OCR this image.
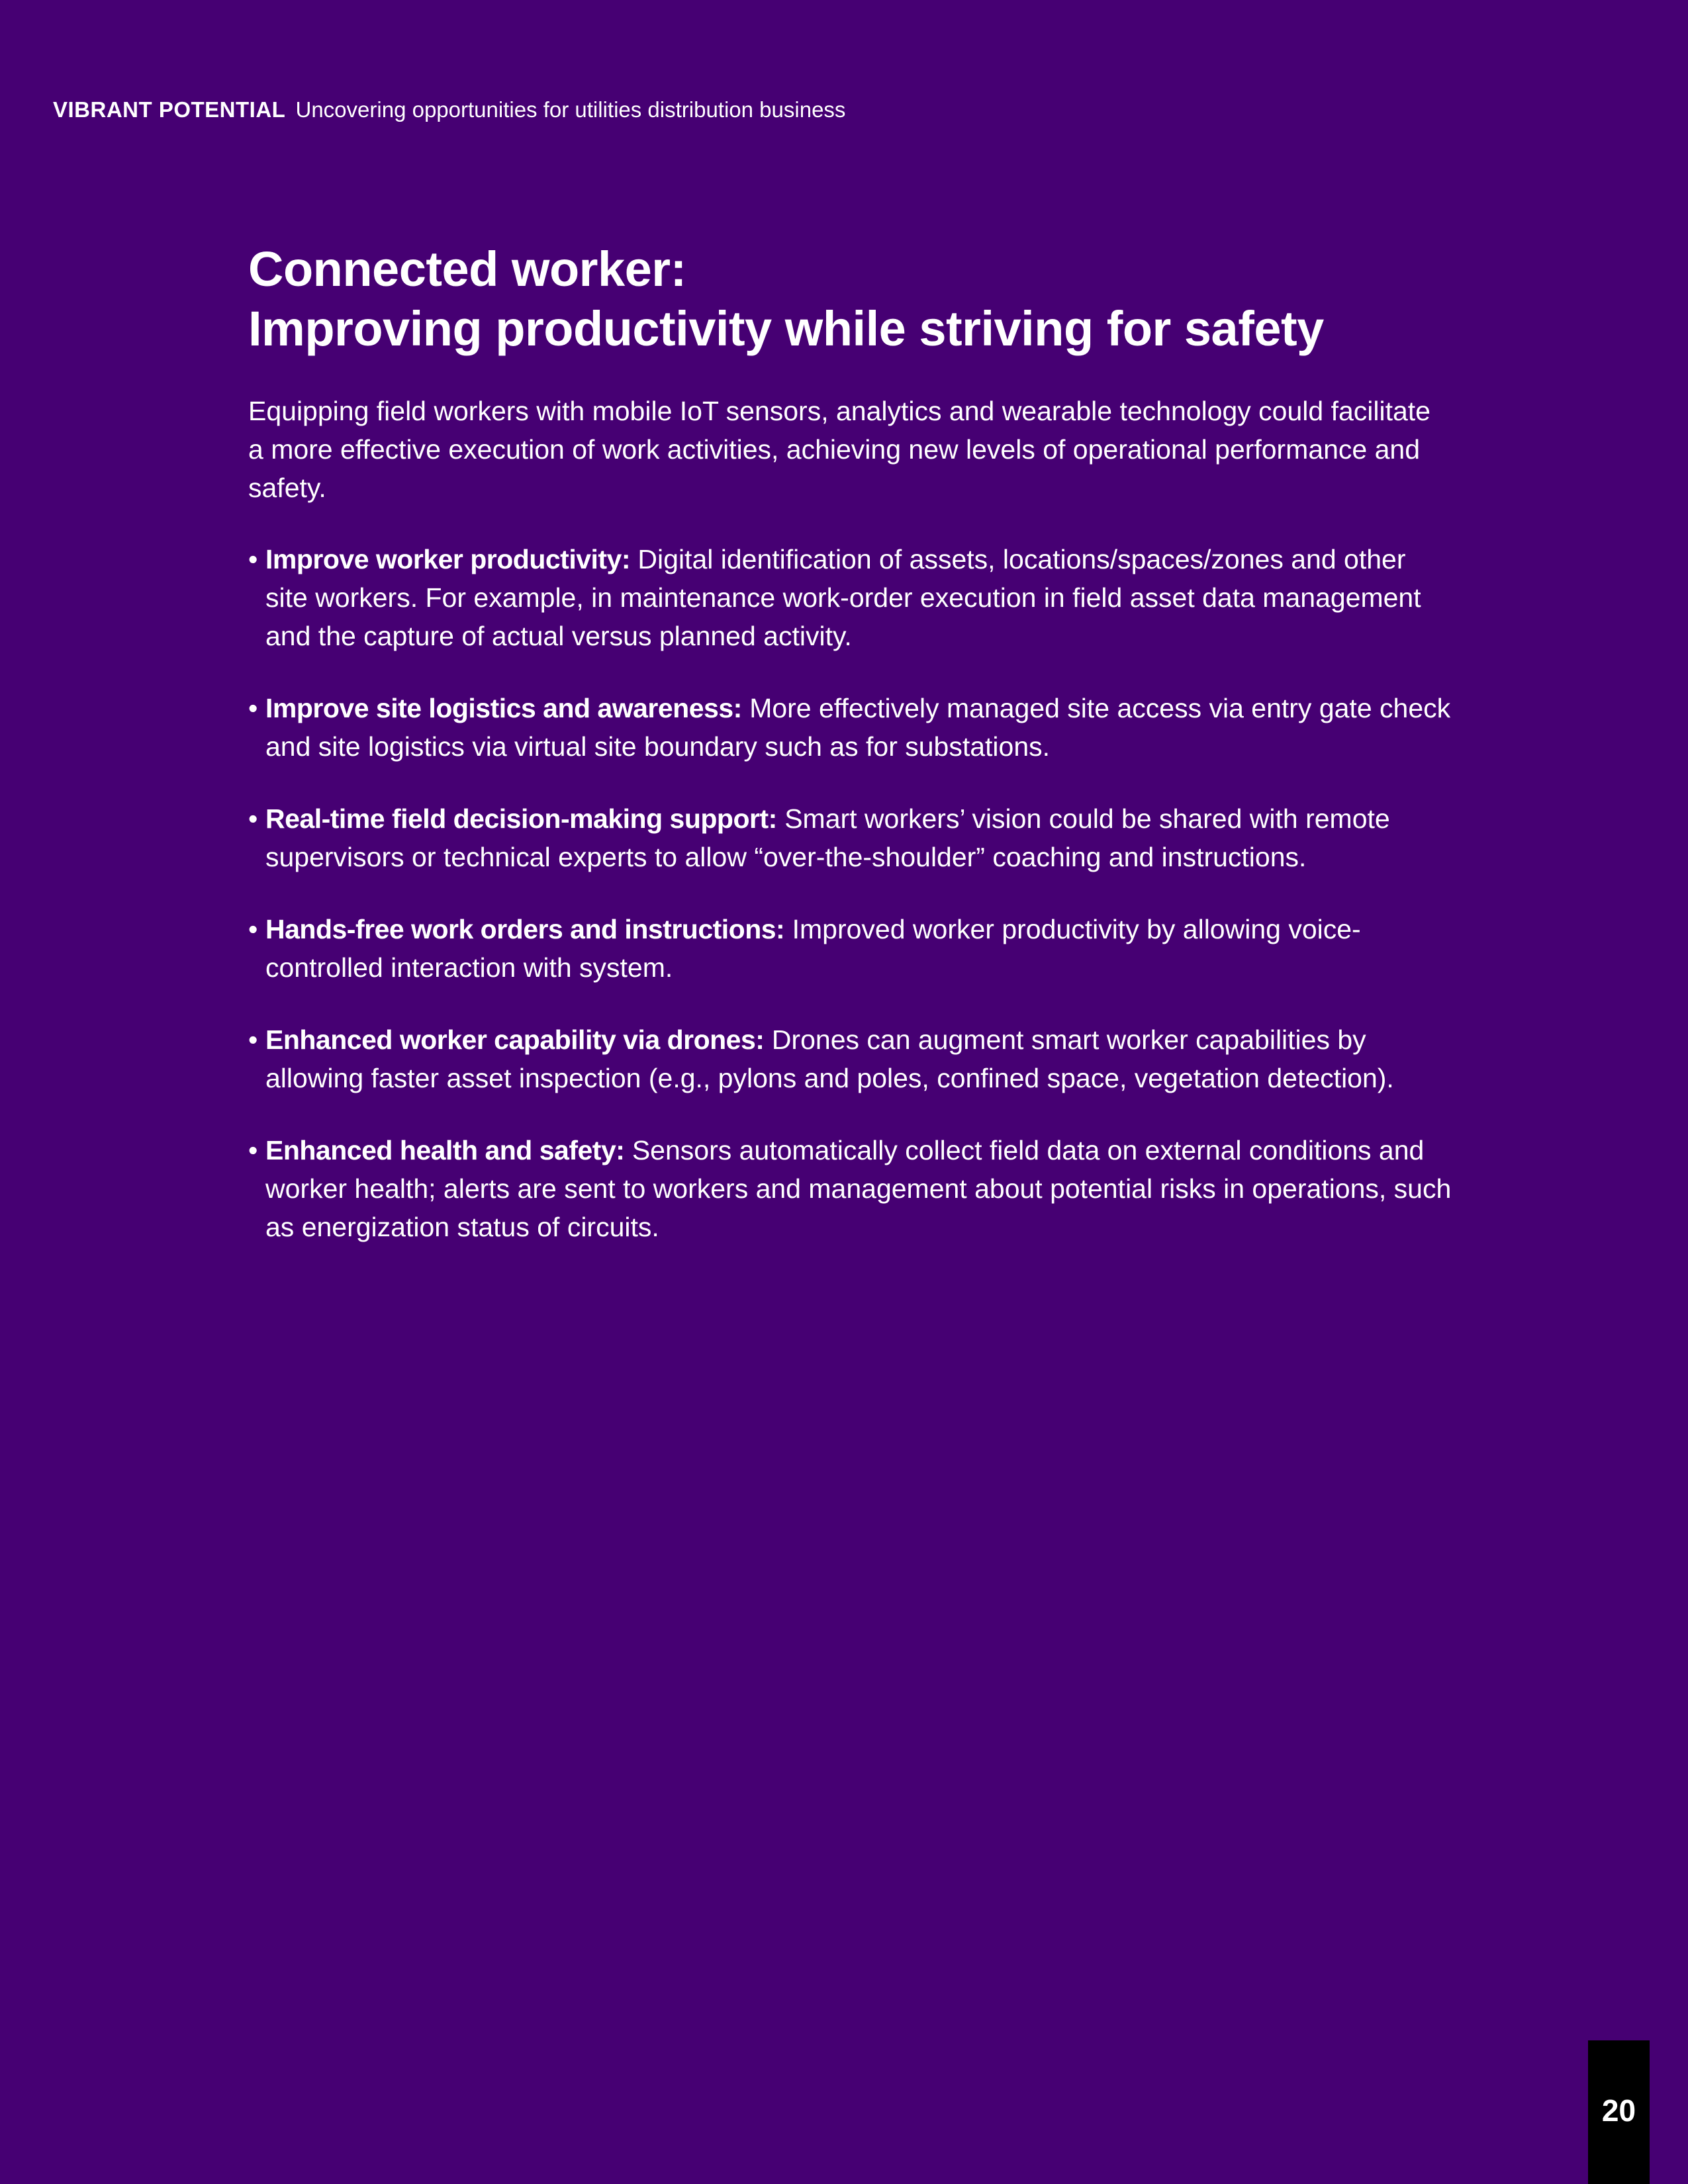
VIBRANT POTENTIAL Uncovering opportunities for utilities distribution business
Connected worker:
Improving productivity while striving for safety

Equipping field workers with mobile IoT sensors, analytics and wearable technology could facilitate a more effective execution of work activities, achieving new levels of operational performance and safety.

• Improve worker productivity: Digital identification of assets, locations/spaces/zones and other site workers. For example, in maintenance work-order execution in field asset data management and the capture of actual versus planned activity.
• Improve site logistics and awareness: More effectively managed site access via entry gate check and site logistics via virtual site boundary such as for substations.
• Real-time field decision-making support: Smart workers’ vision could be shared with remote supervisors or technical experts to allow “over-the-shoulder” coaching and instructions.
• Hands-free work orders and instructions: Improved worker productivity by allowing voice-controlled interaction with system.
• Enhanced worker capability via drones: Drones can augment smart worker capabilities by allowing faster asset inspection (e.g., pylons and poles, confined space, vegetation detection).
• Enhanced health and safety: Sensors automatically collect field data on external conditions and worker health; alerts are sent to workers and management about potential risks in operations, such as energization status of circuits.
20
